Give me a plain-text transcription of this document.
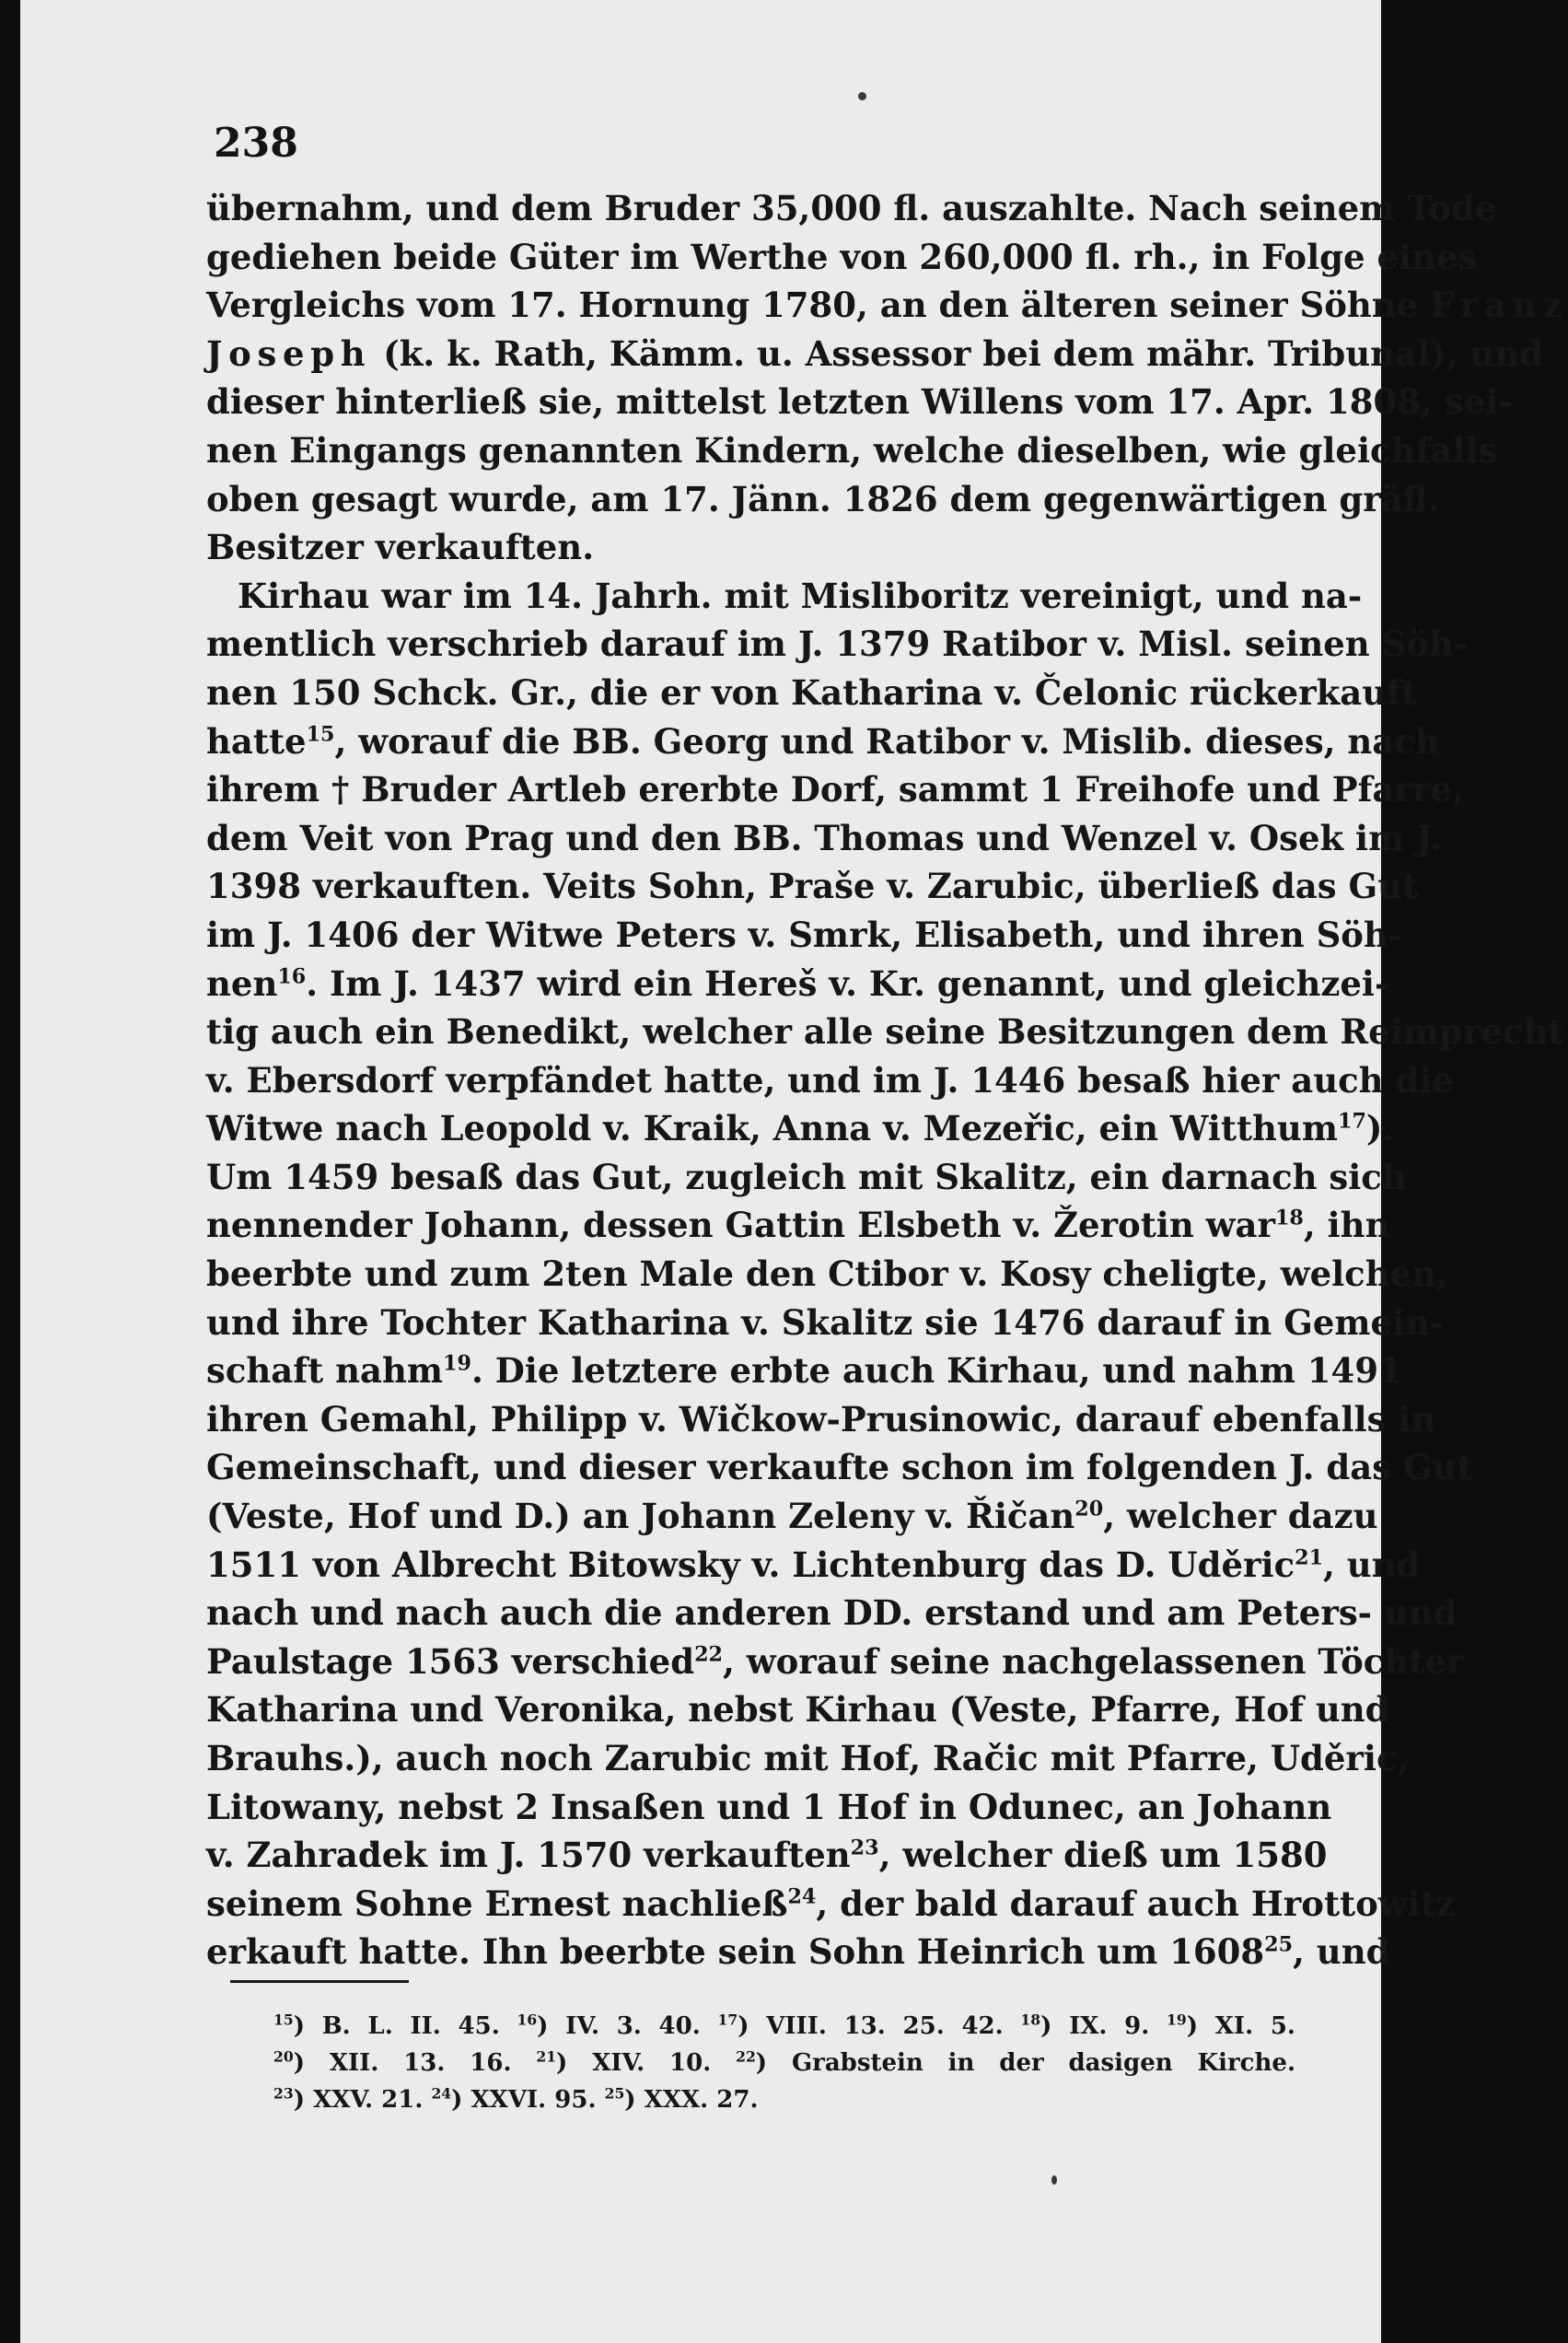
238
übernahm, und dem Bruder 35,000 fl. auszahlte. Nach seinem Tode
gediehen beide Güter im Werthe von 260,000 fl. rh., in Folge eines
Vergleichs vom 17. Hornung 1780, an den älteren seiner Söhne Franz
Joseph (k. k. Rath, Kämm. u. Assessor bei dem mähr. Tribunal), und
dieser hinterließ sie, mittelst letzten Willens vom 17. Apr. 1808, sei-
nen Eingangs genannten Kindern, welche dieselben, wie gleichfalls
oben gesagt wurde, am 17. Jänn. 1826 dem gegenwärtigen gräfl.
Besitzer verkauften.
Kirhau war im 14. Jahrh. mit Misliboritz vereinigt, und na-
mentlich verschrieb darauf im J. 1379 Ratibor v. Misl. seinen Söh-
nen 150 Schck. Gr., die er von Katharina v. Čelonic rückerkauft
hatte$^{15}$, worauf die BB. Georg und Ratibor v. Mislib. dieses, nach
ihrem † Bruder Artleb ererbte Dorf, sammt 1 Freihofe und Pfarre,
dem Veit von Prag und den BB. Thomas und Wenzel v. Osek im J.
1398 verkauften. Veits Sohn, Praše v. Zarubic, überließ das Gut
im J. 1406 der Witwe Peters v. Smrk, Elisabeth, und ihren Söh-
nen$^{16}$. Im J. 1437 wird ein Hereš v. Kr. genannt, und gleichzei-
tig auch ein Benedikt, welcher alle seine Besitzungen dem Reimprecht
v. Ebersdorf verpfändet hatte, und im J. 1446 besaß hier auch die
Witwe nach Leopold v. Kraik, Anna v. Mezeřic, ein Witthum$^{17}$).
Um 1459 besaß das Gut, zugleich mit Skalitz, ein darnach sich
nennender Johann, dessen Gattin Elsbeth v. Žerotin war$^{18}$, ihn
beerbte und zum 2ten Male den Ctibor v. Kosy cheligte, welchen,
und ihre Tochter Katharina v. Skalitz sie 1476 darauf in Gemein-
schaft nahm$^{19}$. Die letztere erbte auch Kirhau, und nahm 1491
ihren Gemahl, Philipp v. Wičkow-Prusinowic, darauf ebenfalls in
Gemeinschaft, und dieser verkaufte schon im folgenden J. das Gut
(Veste, Hof und D.) an Johann Zeleny v. Řičan$^{20}$, welcher dazu
1511 von Albrecht Bitowsky v. Lichtenburg das D. Uděric$^{21}$, und
nach und nach auch die anderen DD. erstand und am Peters- und
Paulstage 1563 verschied$^{22}$, worauf seine nachgelassenen Töchter
Katharina und Veronika, nebst Kirhau (Veste, Pfarre, Hof und
Brauhs.), auch noch Zarubic mit Hof, Račic mit Pfarre, Uděric,
Litowany, nebst 2 Insaßen und 1 Hof in Odunec, an Johann
v. Zahradek im J. 1570 verkauften$^{23}$, welcher dieß um 1580
seinem Sohne Ernest nachließ$^{24}$, der bald darauf auch Hrottowitz
erkauft hatte. Ihn beerbte sein Sohn Heinrich um 1608$^{25}$, und
$^{15}$) B. L. II. 45. $^{16}$) IV. 3. 40. $^{17}$) VIII. 13. 25. 42. $^{18}$) IX. 9. $^{19}$) XI. 5.
$^{20}$) XII. 13. 16. $^{21}$) XIV. 10. $^{22}$) Grabstein in der dasigen Kirche.
$^{23}$) XXV. 21. $^{24}$) XXVI. 95. $^{25}$) XXX. 27.
